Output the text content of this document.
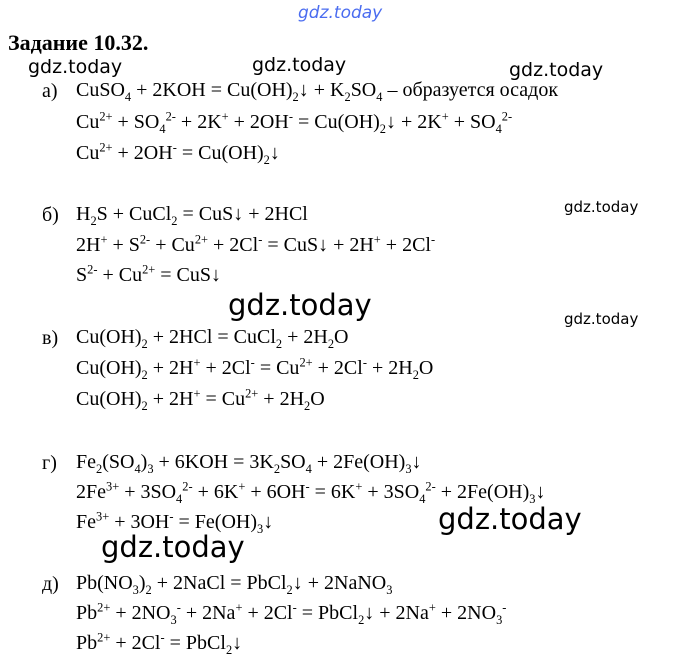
gdz.today
gdz.today	gdz.today	gdz.today
gdz.today
gdz.today	gdz.today
gdz.today
gdz.today
Задание 10.32.
а) CuSO$_4$ + $2KOH = Cu(OH)_2↓ + K_2SO_4$ – образуется осадок
$Cu^{2+} + SO_4^{2-} + 2K^+ + 2OH^-$ = $Cu(OH)_2↓ + 2K^+ + SO_4^{2-}$
$Cu^{2+} + 2OH^-$ = $Cu(OH)_2↓$
б) $H_2S$ + CuCl$_2$ = CuS↓ + 2HCl
$2H^+ + S^{2-} + Cu^{2+} + 2Cl^-$ = CuS↓ + 2H+ + 2Cl-
$S^{2-} + Cu^{2+}$ = CuS↓
в) $Cu(OH)_2 + 2HCl$ = CuCl$_2$ + $2H_2O$
$Cu(OH)_2 + 2H^+ + 2Cl^- = Cu^{2+} + 2Cl^- + 2H_2O$
$Cu(OH)_2 + 2H^+ = Cu^{2+} + 2H_2O$
г) $Fe_2(SO_4)_3 + 6KOH = 3K_2SO_4$ + $2Fe(OH)_3↓$
$2Fe^{3+} + 3SO_4^{2-} + 6K^+ + 6OH^- = 6K^+ + 3SO_4^{2-}$ + $2Fe(OH)_3↓$
$Fe^{3+} + 3OH^-$ = $Fe(OH)_3↓$
д) $Pb(NO_3)_2$ + 2NaCl = PbCl$_2$↓ + 2NaNO$_3$
$Pb^{2+} + 2NO_3^- + 2Na^+ + 2Cl^-$ = PbCl$_2$↓ + $2Na^+ + 2NO_3^-$
$Pb^{2+} + 2Cl^-$ = PbCl$_2$↓
